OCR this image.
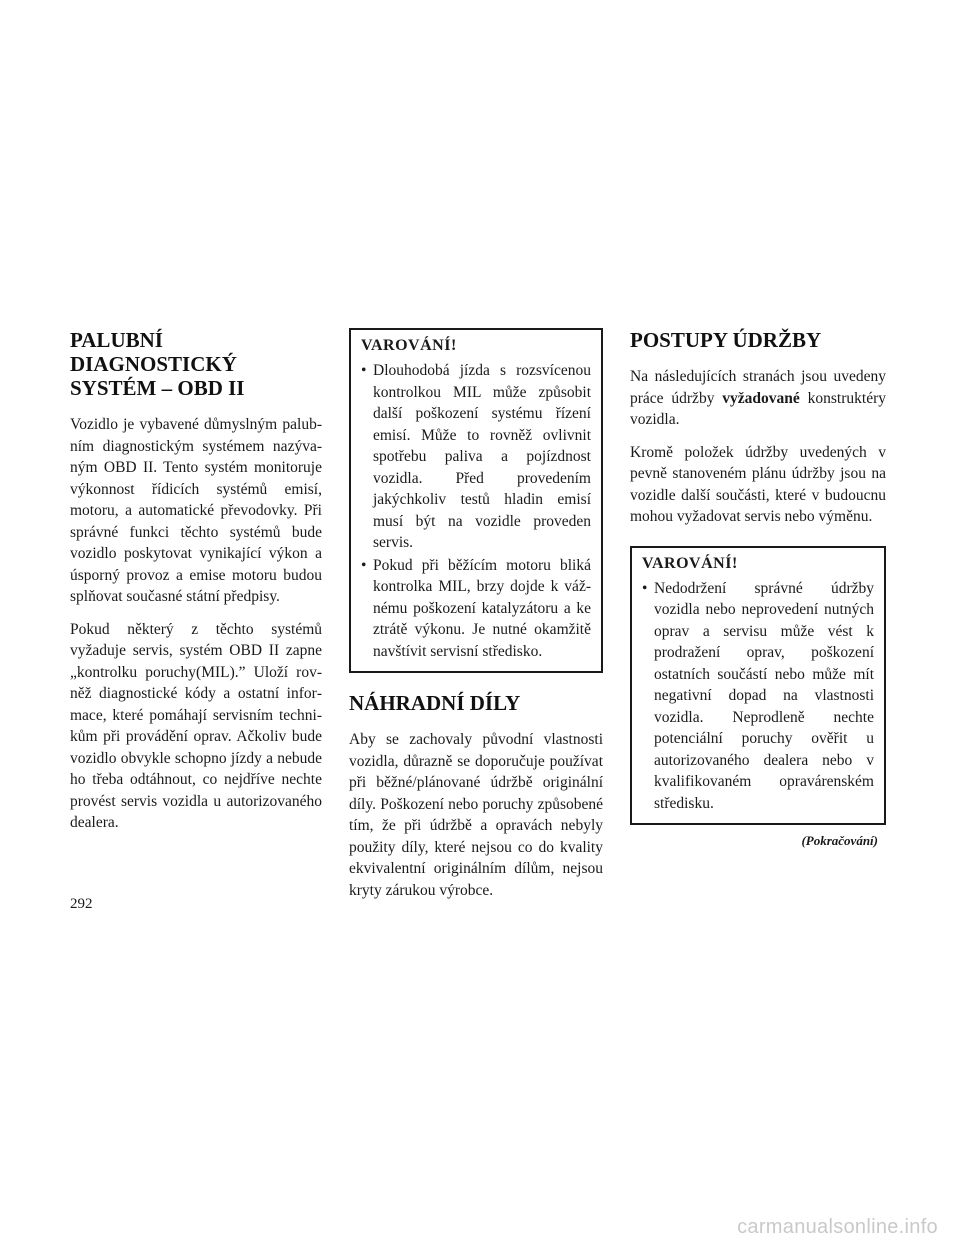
PALUBNÍ DIAGNOSTICKÝ SYSTÉM – OBD II

Vozidlo je vybavené důmyslným palubním diagnostickým systémem nazývaným OBD II. Tento systém monitoruje výkonnost řídicích systémů emisí, motoru, a automatické převodovky. Při správné funkci těchto systémů bude vozidlo poskytovat vynikající výkon a úsporný provoz a emise motoru budou splňovat současné státní předpisy.

Pokud některý z těchto systémů vyžaduje servis, systém OBD II zapne „kontrolku poruchy(MIL).” Uloží rovněž diagnostické kódy a ostatní informace, které pomáhají servisním technikům při provádění oprav. Ačkoliv bude vozidlo obvykle schopno jízdy a nebude ho třeba odtáhnout, co nejdříve nechte provést servis vozidla u autorizovaného dealera.

VAROVÁNÍ!
• Dlouhodobá jízda s rozsvícenou kontrolkou MIL může způsobit další poškození systému řízení emisí. Může to rovněž ovlivnit spotřebu paliva a pojízdnost vozidla. Před provedením jakýchkoliv testů hladin emisí musí být na vozidle proveden servis.
• Pokud při běžícím motoru bliká kontrolka MIL, brzy dojde k vážnému poškození katalyzátoru a ke ztrátě výkonu. Je nutné okamžitě navštívit servisní středisko.
NÁHRADNÍ DÍLY

Aby se zachovaly původní vlastnosti vozidla, důrazně se doporučuje používat při běžné/plánované údržbě originální díly. Poškození nebo poruchy způsobené tím, že při údržbě a opravách nebyly použity díly, které nejsou co do kvality ekvivalentní originálním dílům, nejsou kryty zárukou výrobce.

POSTUPY ÚDRŽBY

Na následujících stranách jsou uvedeny práce údržby vyžadované konstruktéry vozidla.

Kromě položek údržby uvedených v pevně stanoveném plánu údržby jsou na vozidle další součásti, které v budoucnu mohou vyžadovat servis nebo výměnu.

VAROVÁNÍ!
• Nedodržení správné údržby vozidla nebo neprovedení nutných oprav a servisu může vést k prodražení oprav, poškození ostatních součástí nebo může mít negativní dopad na vlastnosti vozidla. Neprodleně nechte potenciální poruchy ověřit u autorizovaného dealera nebo v kvalifikovaném opravárenském středisku.
(Pokračování)
292
carmanualsonline.info
